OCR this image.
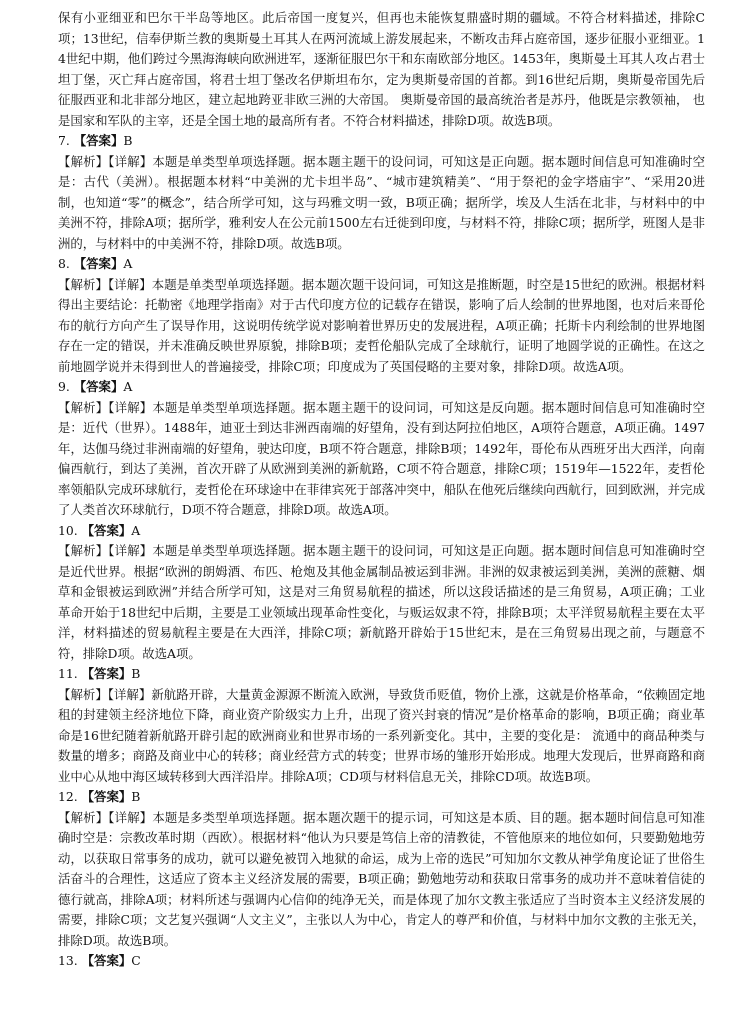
保有小亚细亚和巴尔干半岛等地区。此后帝国一度复兴，但再也未能恢复鼎盛时期的疆域。不符合材料描述，排除C项；13世纪，信奉伊斯兰教的奥斯曼土耳其人在两河流域上游发展起来，不断攻击拜占庭帝国，逐步征服小亚细亚。14世纪中期，他们跨过今黑海海峡向欧洲进军，逐渐征服巴尔干和东南欧部分地区。1453年，奥斯曼土耳其人攻占君士坦丁堡，灭亡拜占庭帝国，将君士坦丁堡改名伊斯坦布尔，定为奥斯曼帝国的首都。到16世纪后期，奥斯曼帝国先后征服西亚和北非部分地区，建立起地跨亚非欧三洲的大帝国。 奥斯曼帝国的最高统治者是苏丹，他既是宗教领袖， 也是国家和军队的主宰，还是全国土地的最高所有者。不符合材料描述，排除D项。故选B项。

7. 【答案】B

【解析】【详解】本题是单类型单项选择题。据本题主题干的设问词，可知这是正向题。据本题时间信息可知准确时空是：古代（美洲）。根据题本材料“中美洲的尤卡坦半岛”、“城市建筑精美”、“用于祭祀的金字塔庙宇”、“采用20进制，也知道“零”的概念”，结合所学可知，这与玛雅文明一致，B项正确；据所学，埃及人生活在北非，与材料中的中美洲不符，排除A项；据所学，雅利安人在公元前1500左右迁徙到印度，与材料不符，排除C项；据所学，班图人是非洲的，与材料中的中美洲不符，排除D项。故选B项。

8. 【答案】A

【解析】【详解】本题是单类型单项选择题。据本题次题干设问词，可知这是推断题，时空是15世纪的欧洲。根据材料得出主要结论：托勒密《地理学指南》对于古代印度方位的记载存在错误，影响了后人绘制的世界地图，也对后来哥伦布的航行方向产生了误导作用，这说明传统学说对影响着世界历史的发展进程，A项正确；托斯卡内利绘制的世界地图存在一定的错误，并未准确反映世界原貌，排除B项；麦哲伦船队完成了全球航行，证明了地圆学说的正确性。在这之前地圆学说并未得到世人的普遍接受，排除C项；印度成为了英国侵略的主要对象，排除D项。故选A项。

9. 【答案】A

【解析】【详解】本题是单类型单项选择题。据本题主题干的设问词，可知这是反向题。据本题时间信息可知准确时空是：近代（世界）。1488年，迪亚士到达非洲西南端的好望角，没有到达阿拉伯地区，A项符合题意，A项正确。1497年，达伽马绕过非洲南端的好望角，驶达印度，B项不符合题意，排除B项；1492年，哥伦布从西班牙出大西洋，向南偏西航行，到达了美洲，首次开辟了从欧洲到美洲的新航路，C项不符合题意，排除C项；1519年—1522年，麦哲伦率领船队完成环球航行，麦哲伦在环球途中在菲律宾死于部落冲突中，船队在他死后继续向西航行，回到欧洲，并完成了人类首次环球航行，D项不符合题意，排除D项。故选A项。

10. 【答案】A

【解析】【详解】本题是单类型单项选择题。据本题主题干的设问词，可知这是正向题。据本题时间信息可知准确时空是近代世界。根据“欧洲的朗姆酒、布匹、枪炮及其他金属制品被运到非洲。非洲的奴隶被运到美洲，美洲的蔗糖、烟草和金银被运到欧洲”并结合所学可知，这是对三角贸易航程的描述，所以这段话描述的是三角贸易，A项正确；工业革命开始于18世纪中后期，主要是工业领域出现革命性变化，与贩运奴隶不符，排除B项；太平洋贸易航程主要在太平洋，材料描述的贸易航程主要是在大西洋，排除C项；新航路开辟始于15世纪末，是在三角贸易出现之前，与题意不符，排除D项。故选A项。

11. 【答案】B

【解析】【详解】新航路开辟，大量黄金源源不断流入欧洲，导致货币贬值，物价上涨，这就是价格革命，“依赖固定地租的封建领主经济地位下降，商业资产阶级实力上升，出现了资兴封衰的情况”是价格革命的影响，B项正确；商业革命是16世纪随着新航路开辟引起的欧洲商业和世界市场的一系列新变化。其中，主要的变化是： 流通中的商品种类与数量的增多；商路及商业中心的转移；商业经营方式的转变；世界市场的雏形开始形成。地理大发现后，世界商路和商业中心从地中海区域转移到大西洋沿岸。排除A项；CD项与材料信息无关，排除CD项。故选B项。

12. 【答案】B

【解析】【详解】本题是多类型单项选择题。据本题次题干的提示词，可知这是本质、目的题。据本题时间信息可知准确时空是：宗教改革时期（西欧）。根据材料“他认为只要是笃信上帝的清教徒，不管他原来的地位如何，只要勤勉地劳动，以获取日常事务的成功，就可以避免被罚入地狱的命运，成为上帝的选民”可知加尔文教从神学角度论证了世俗生活奋斗的合理性，这适应了资本主义经济发展的需要，B项正确；勤勉地劳动和获取日常事务的成功并不意味着信徒的德行就高，排除A项；材料所述与强调内心信仰的纯净无关，而是体现了加尔文教主张适应了当时资本主义经济发展的需要，排除C项；文艺复兴强调“人文主义”，主张以人为中心，肯定人的尊严和价值，与材料中加尔文教的主张无关，排除D项。故选B项。

13. 【答案】C
